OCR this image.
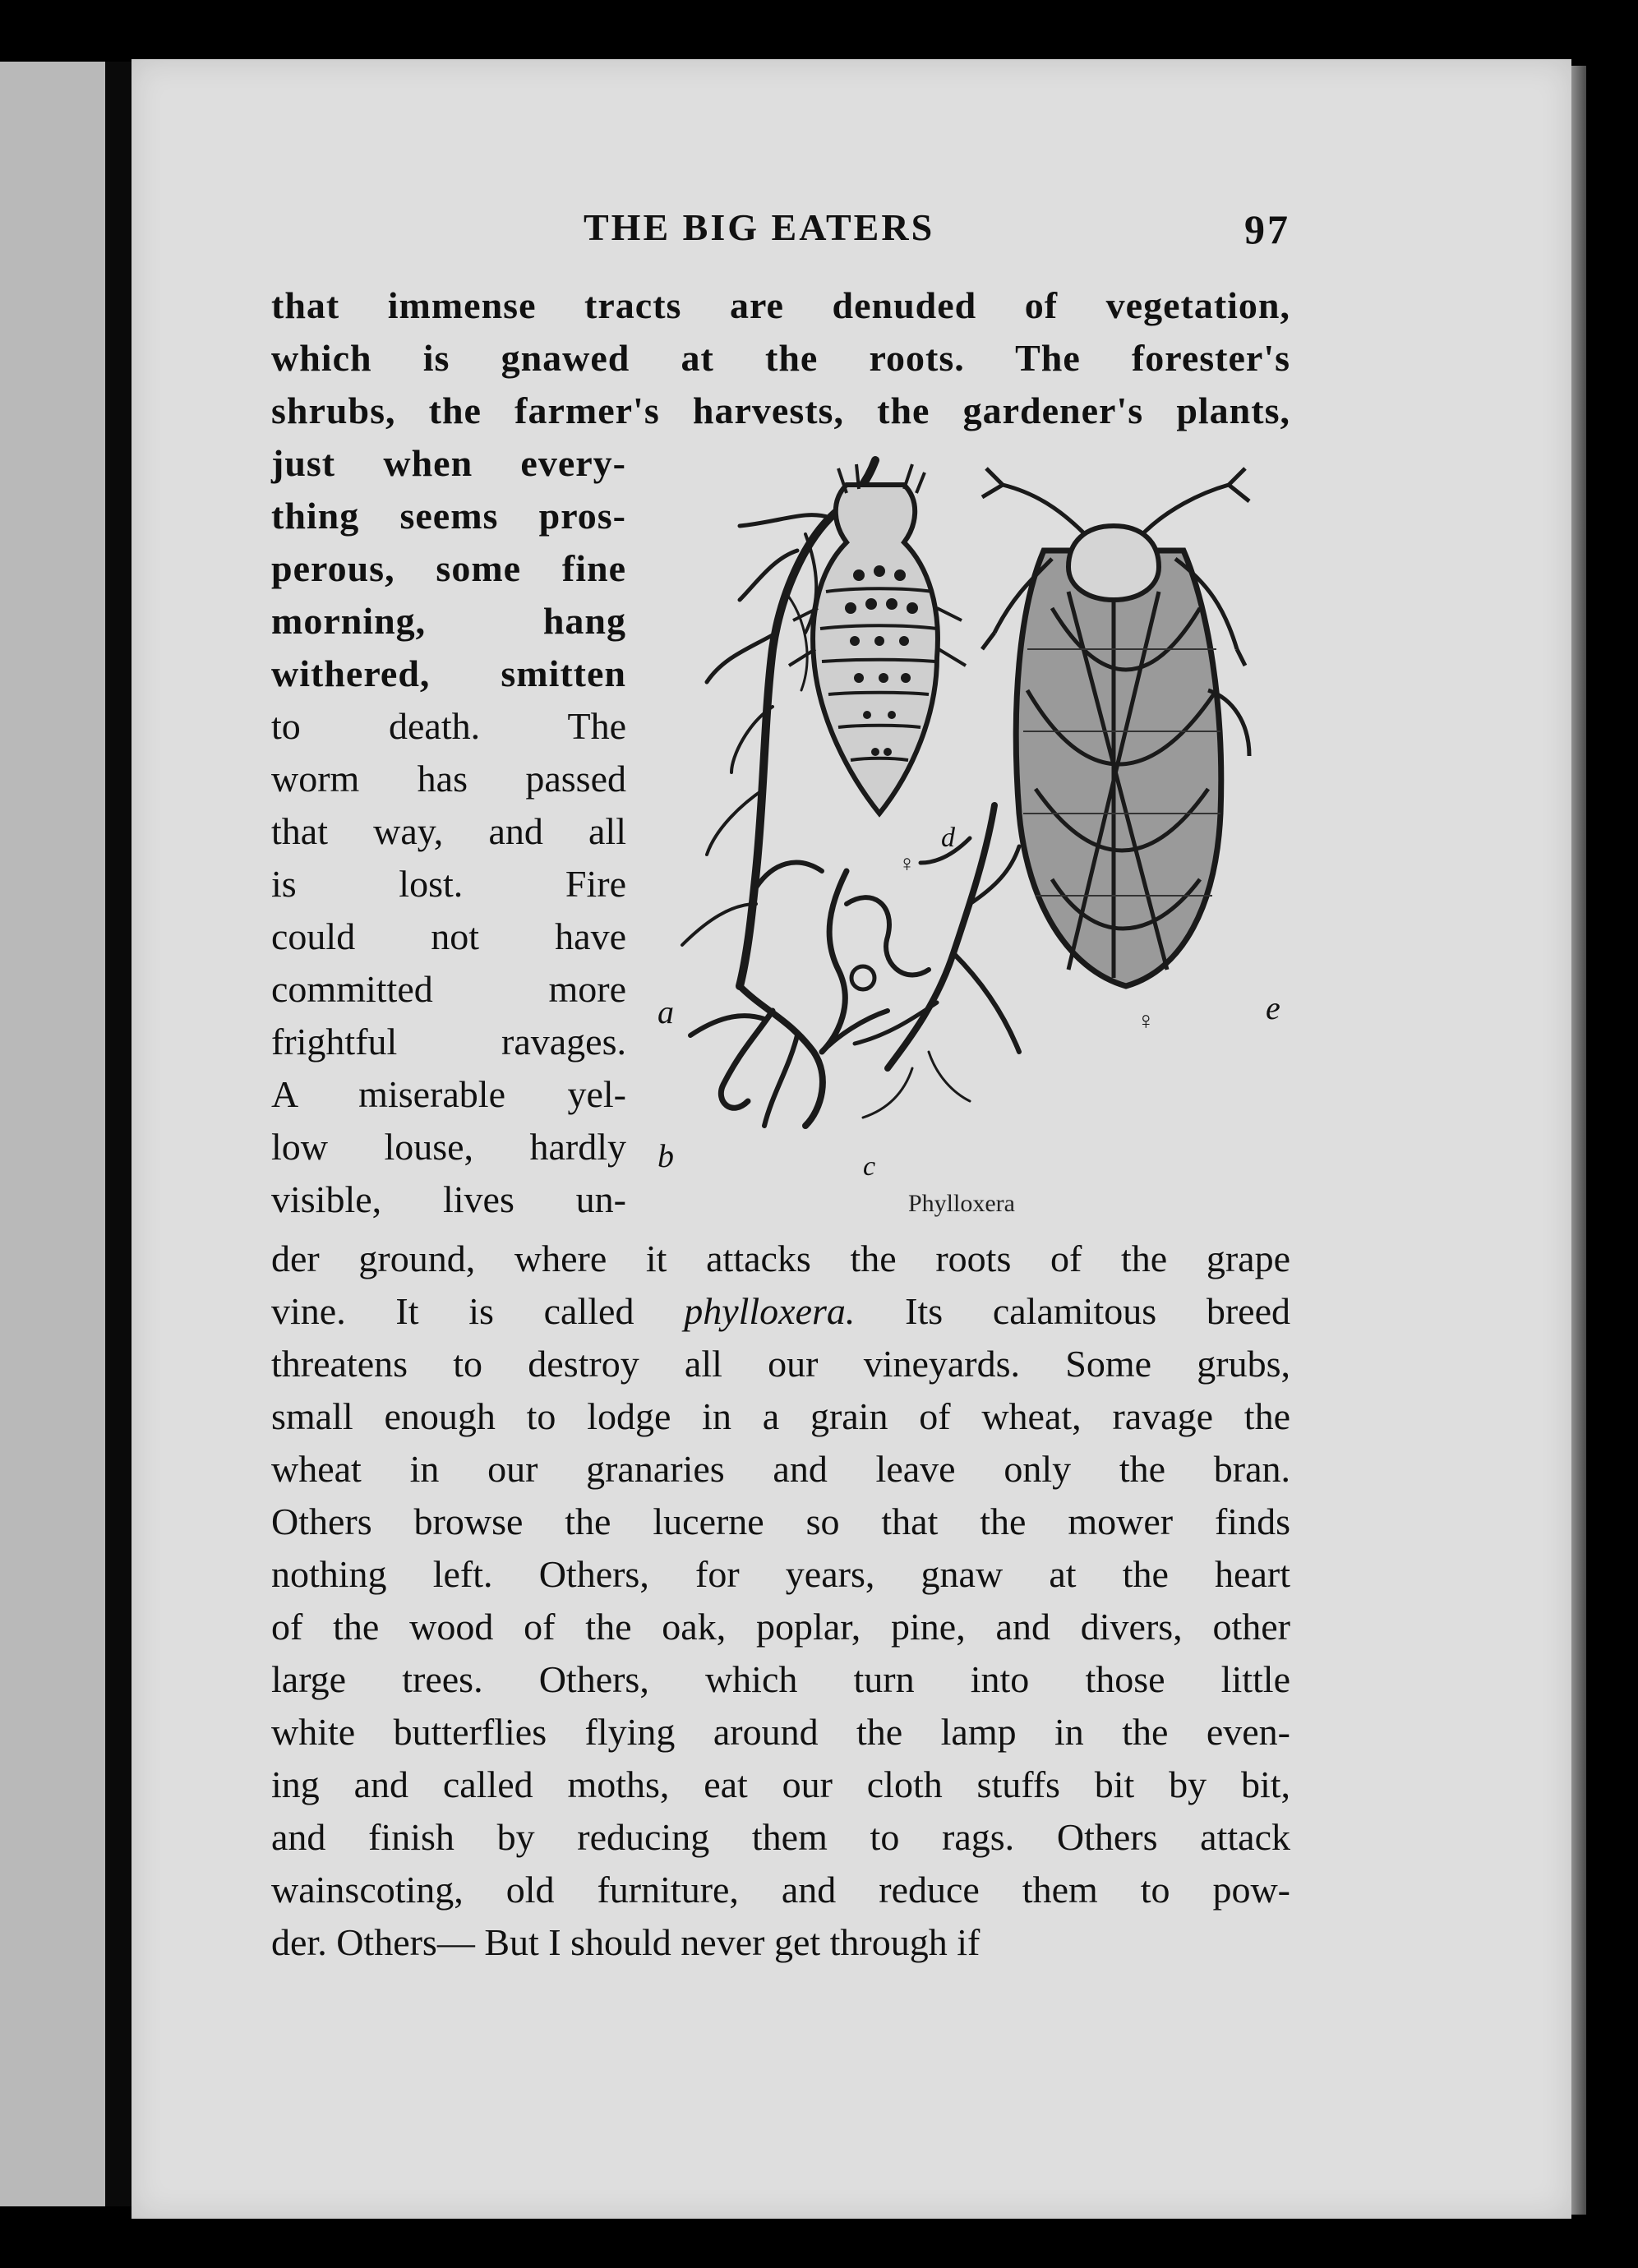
THE BIG EATERS	97
that immense tracts are denuded of vegetation,
which is gnawed at the roots. The forester's
shrubs, the farmer's harvests, the gardener's plants,
just when every-
thing seems pros-
perous, some fine
morning, hang
withered, smitten
to death. The
worm has passed
that way, and all
is lost. Fire
could not have
committed more
frightful ravages.
A miserable yel-
low louse, hardly
visible, lives un-
der ground, where it attacks the roots of the grape
vine. It is called phylloxera. Its calamitous breed
threatens to destroy all our vineyards. Some grubs,
small enough to lodge in a grain of wheat, ravage the
wheat in our granaries and leave only the bran.
Others browse the lucerne so that the mower finds
nothing left. Others, for years, gnaw at the heart
of the wood of the oak, poplar, pine, and divers, other
large trees. Others, which turn into those little
white butterflies flying around the lamp in the even-
ing and called moths, eat our cloth stuffs bit by bit,
and finish by reducing them to rags. Others attack
wainscoting, old furniture, and reduce them to pow-
der. Others— But I should never get through if
a
b	c
d
e
♀
♀
Phylloxera
